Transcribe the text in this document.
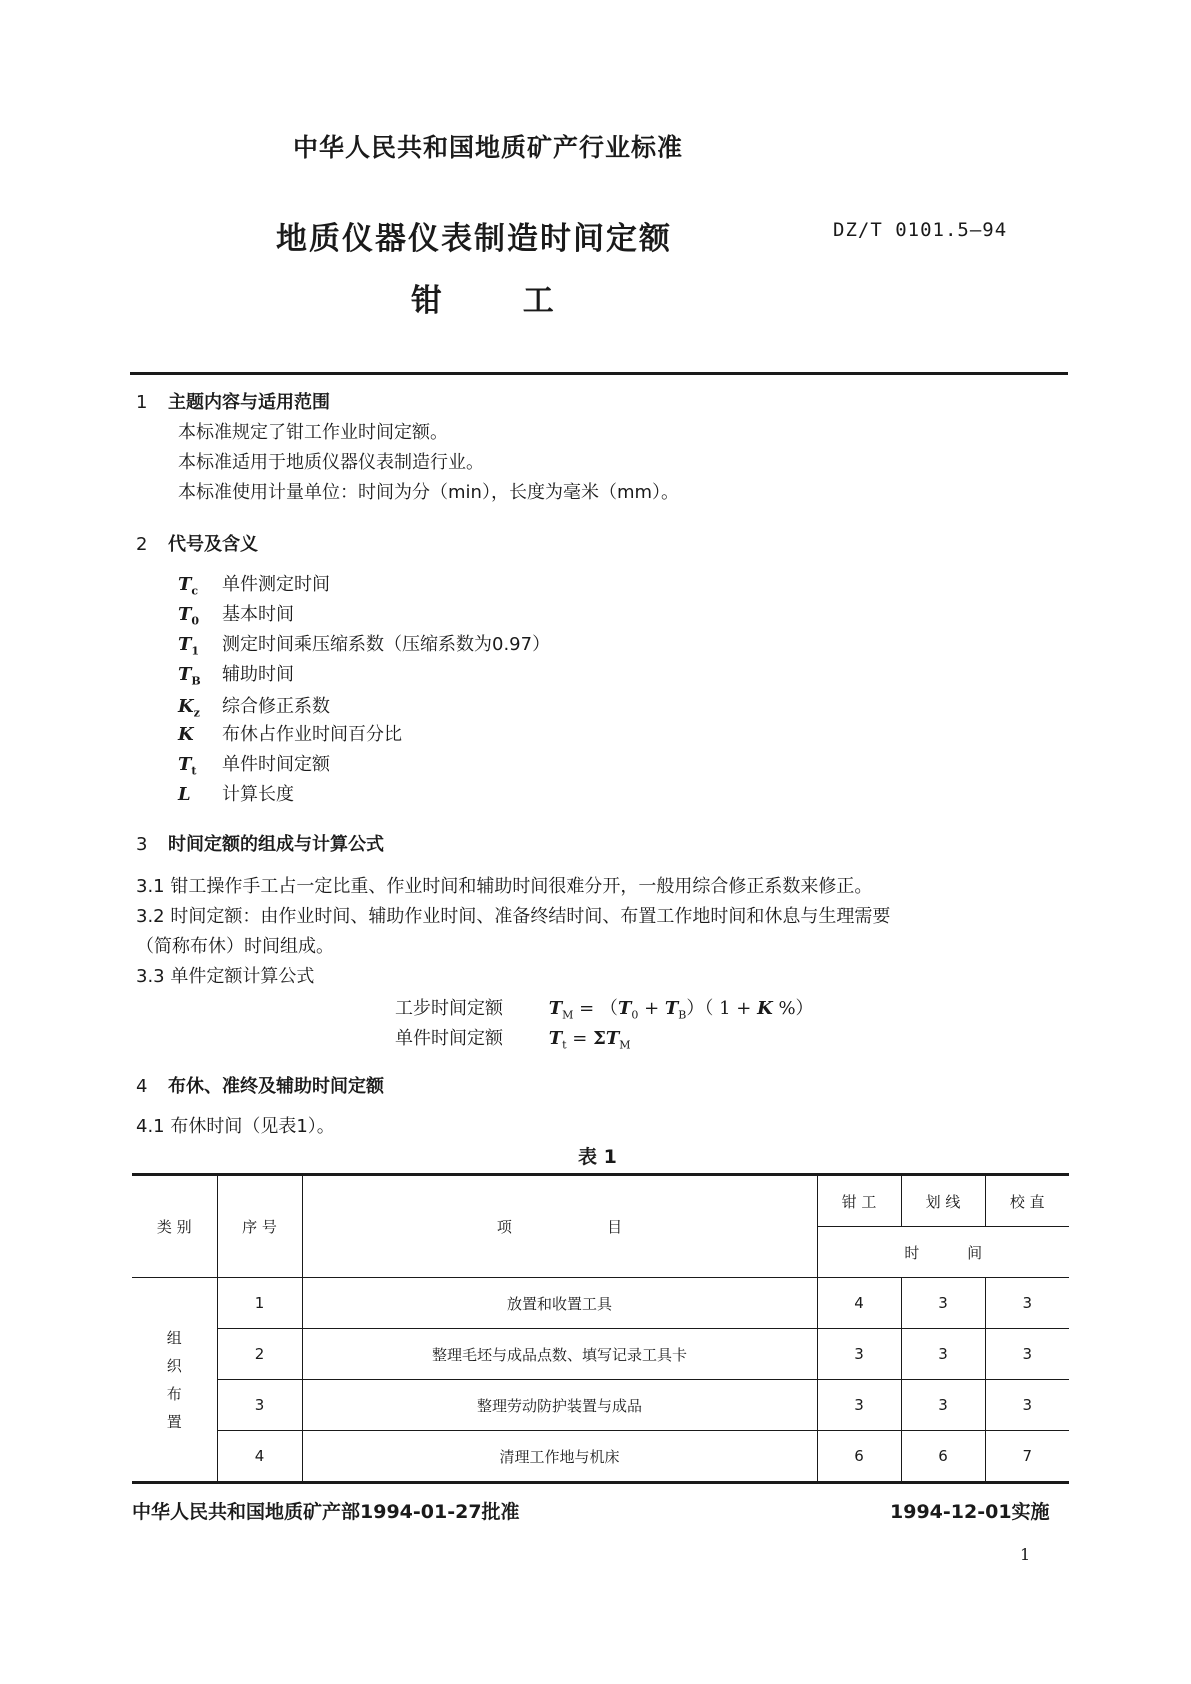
中华人民共和国地质矿产行业标准
地质仪器仪表制造时间定额	DZ/T 0101.5—94
钳 工
1 主题内容与适用范围
本标准规定了钳工作业时间定额。
本标准适用于地质仪器仪表制造行业。
本标准使用计量单位：时间为分（min），长度为毫米（mm）。
2 代号及含义
$T_c$ 单件测定时间
$T_0$ 基本时间
$T_1$ 测定时间乘压缩系数（压缩系数为0.97）
$T_B$ 辅助时间
$K_z$ 综合修正系数
K 布休占作业时间百分比
$T_t$ 单件时间定额
L 计算长度
3 时间定额的组成与计算公式
3.1 钳工操作手工占一定比重、作业时间和辅助时间很难分开，一般用综合修正系数来修正。
3.2 时间定额：由作业时间、辅助作业时间、准备终结时间、布置工作地时间和休息与生理需要
（简称布休）时间组成。
3.3 单件定额计算公式
工步时间定额	$T_M = (T_0 + T_B)$（ 1 + K %）
单件时间定额	$T_t = \Sigma T_M$
4 布休、准终及辅助时间定额
4.1 布休时间（见表1）。
表 1
类 别	序 号	项                    目	钳 工	划 线	校 直
			时          间		

组
织
布
置	1	放置和收置工具	4	3	3
	2	整理毛坯与成品点数、填写记录工具卡	3	3	3
	3	整理劳动防护装置与成品	3	3	3
	4	清理工作地与机床	6	6	7
中华人民共和国地质矿产部1994-01-27批准	1994-12-01实施
1
